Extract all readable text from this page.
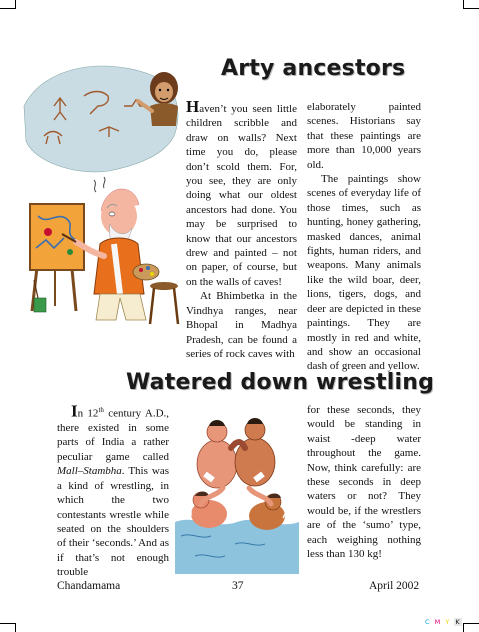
Arty ancestors

Haven’t you seen little children scribble and draw on walls? Next time you do, please don’t scold them. For, you see, they are only doing what our oldest ancestors had done. You may be surprised to know that our ancestors drew and painted – not on paper, of course, but on the walls of caves!

At Bhimbetka in the Vindhya ranges, near Bhopal in Madhya Pradesh, can be found a series of rock caves with

elaborately painted scenes. Historians say that these paintings are more than 10,000 years old.

The paintings show scenes of everyday life of those times, such as hunting, honey gathering, masked dances, animal fights, human riders, and weapons. Many animals like the wild boar, deer, lions, tigers, dogs, and deer are depicted in these paintings. They are mostly in red and white, and show an occasional dash of green and yellow.

Watered down wrestling

In 12th century A.D., there existed in some parts of India a rather peculiar game called Mall–Stambha. This was a kind of wrestling, in which the two contestants wrestle while seated on the shoulders of their ‘seconds.’ And as if that’s not enough trouble

for these seconds, they would be standing in waist -deep water throughout the game. Now, think carefully: are these seconds in deep waters or not? They would be, if the wrestlers are of the ‘sumo’ type, each weighing nothing less than 130 kg!

Chandamama	37	April 2002
C M Y K
